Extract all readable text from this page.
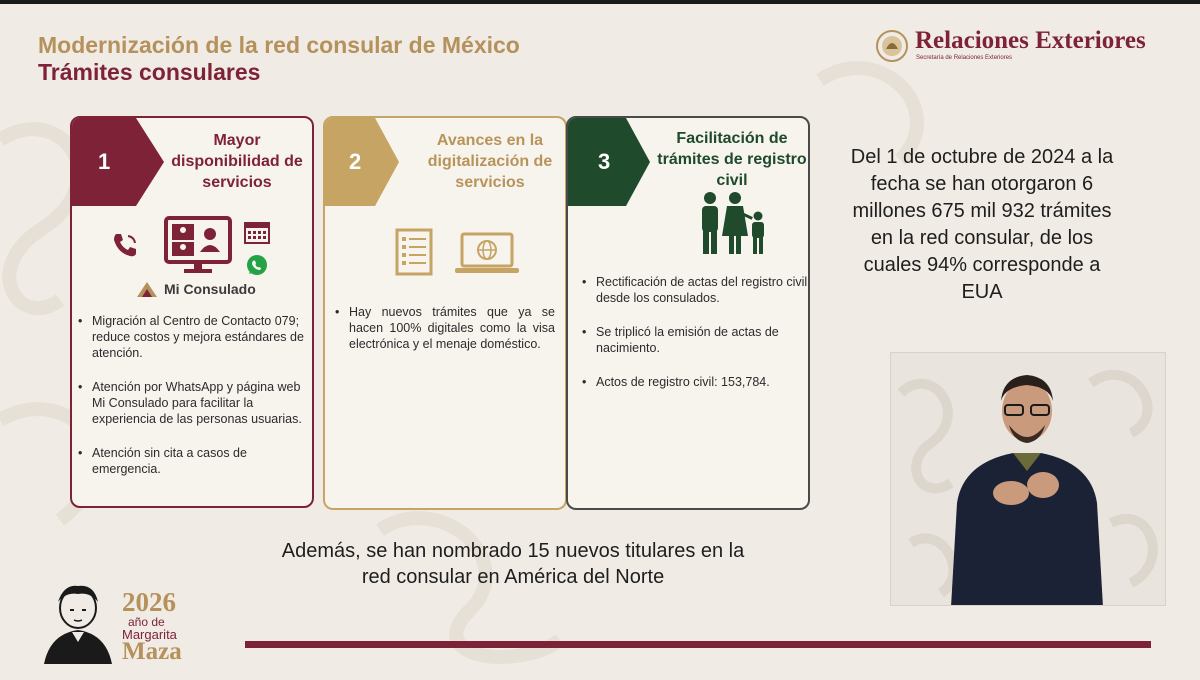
Modernización de la red consular de México
Trámites consulares
Relaciones Exteriores
Secretaría de Relaciones Exteriores
1
Mayor disponibilidad de servicios
Mi Consulado
• Migración al Centro de Contacto 079; reduce costos y mejora estándares de atención.
• Atención por WhatsApp y página web Mi Consulado para facilitar la experiencia de las personas usuarias.
• Atención sin cita a casos de emergencia.
2
Avances en la digitalización de servicios
• Hay nuevos trámites que ya se hacen 100% digitales como la visa electrónica y el menaje doméstico.
3
Facilitación de trámites de registro civil
• Rectificación de actas del registro civil desde los consulados.
• Se triplicó la emisión de actas de nacimiento.
• Actos de registro civil: 153,784.
Del 1 de octubre de 2024 a la fecha se han otorgaron 6 millones 675 mil 932 trámites en la red consular, de los cuales 94% corresponde a EUA
Además, se han nombrado 15 nuevos titulares en la red consular en América del Norte
2026
año de
Margarita
Maza
